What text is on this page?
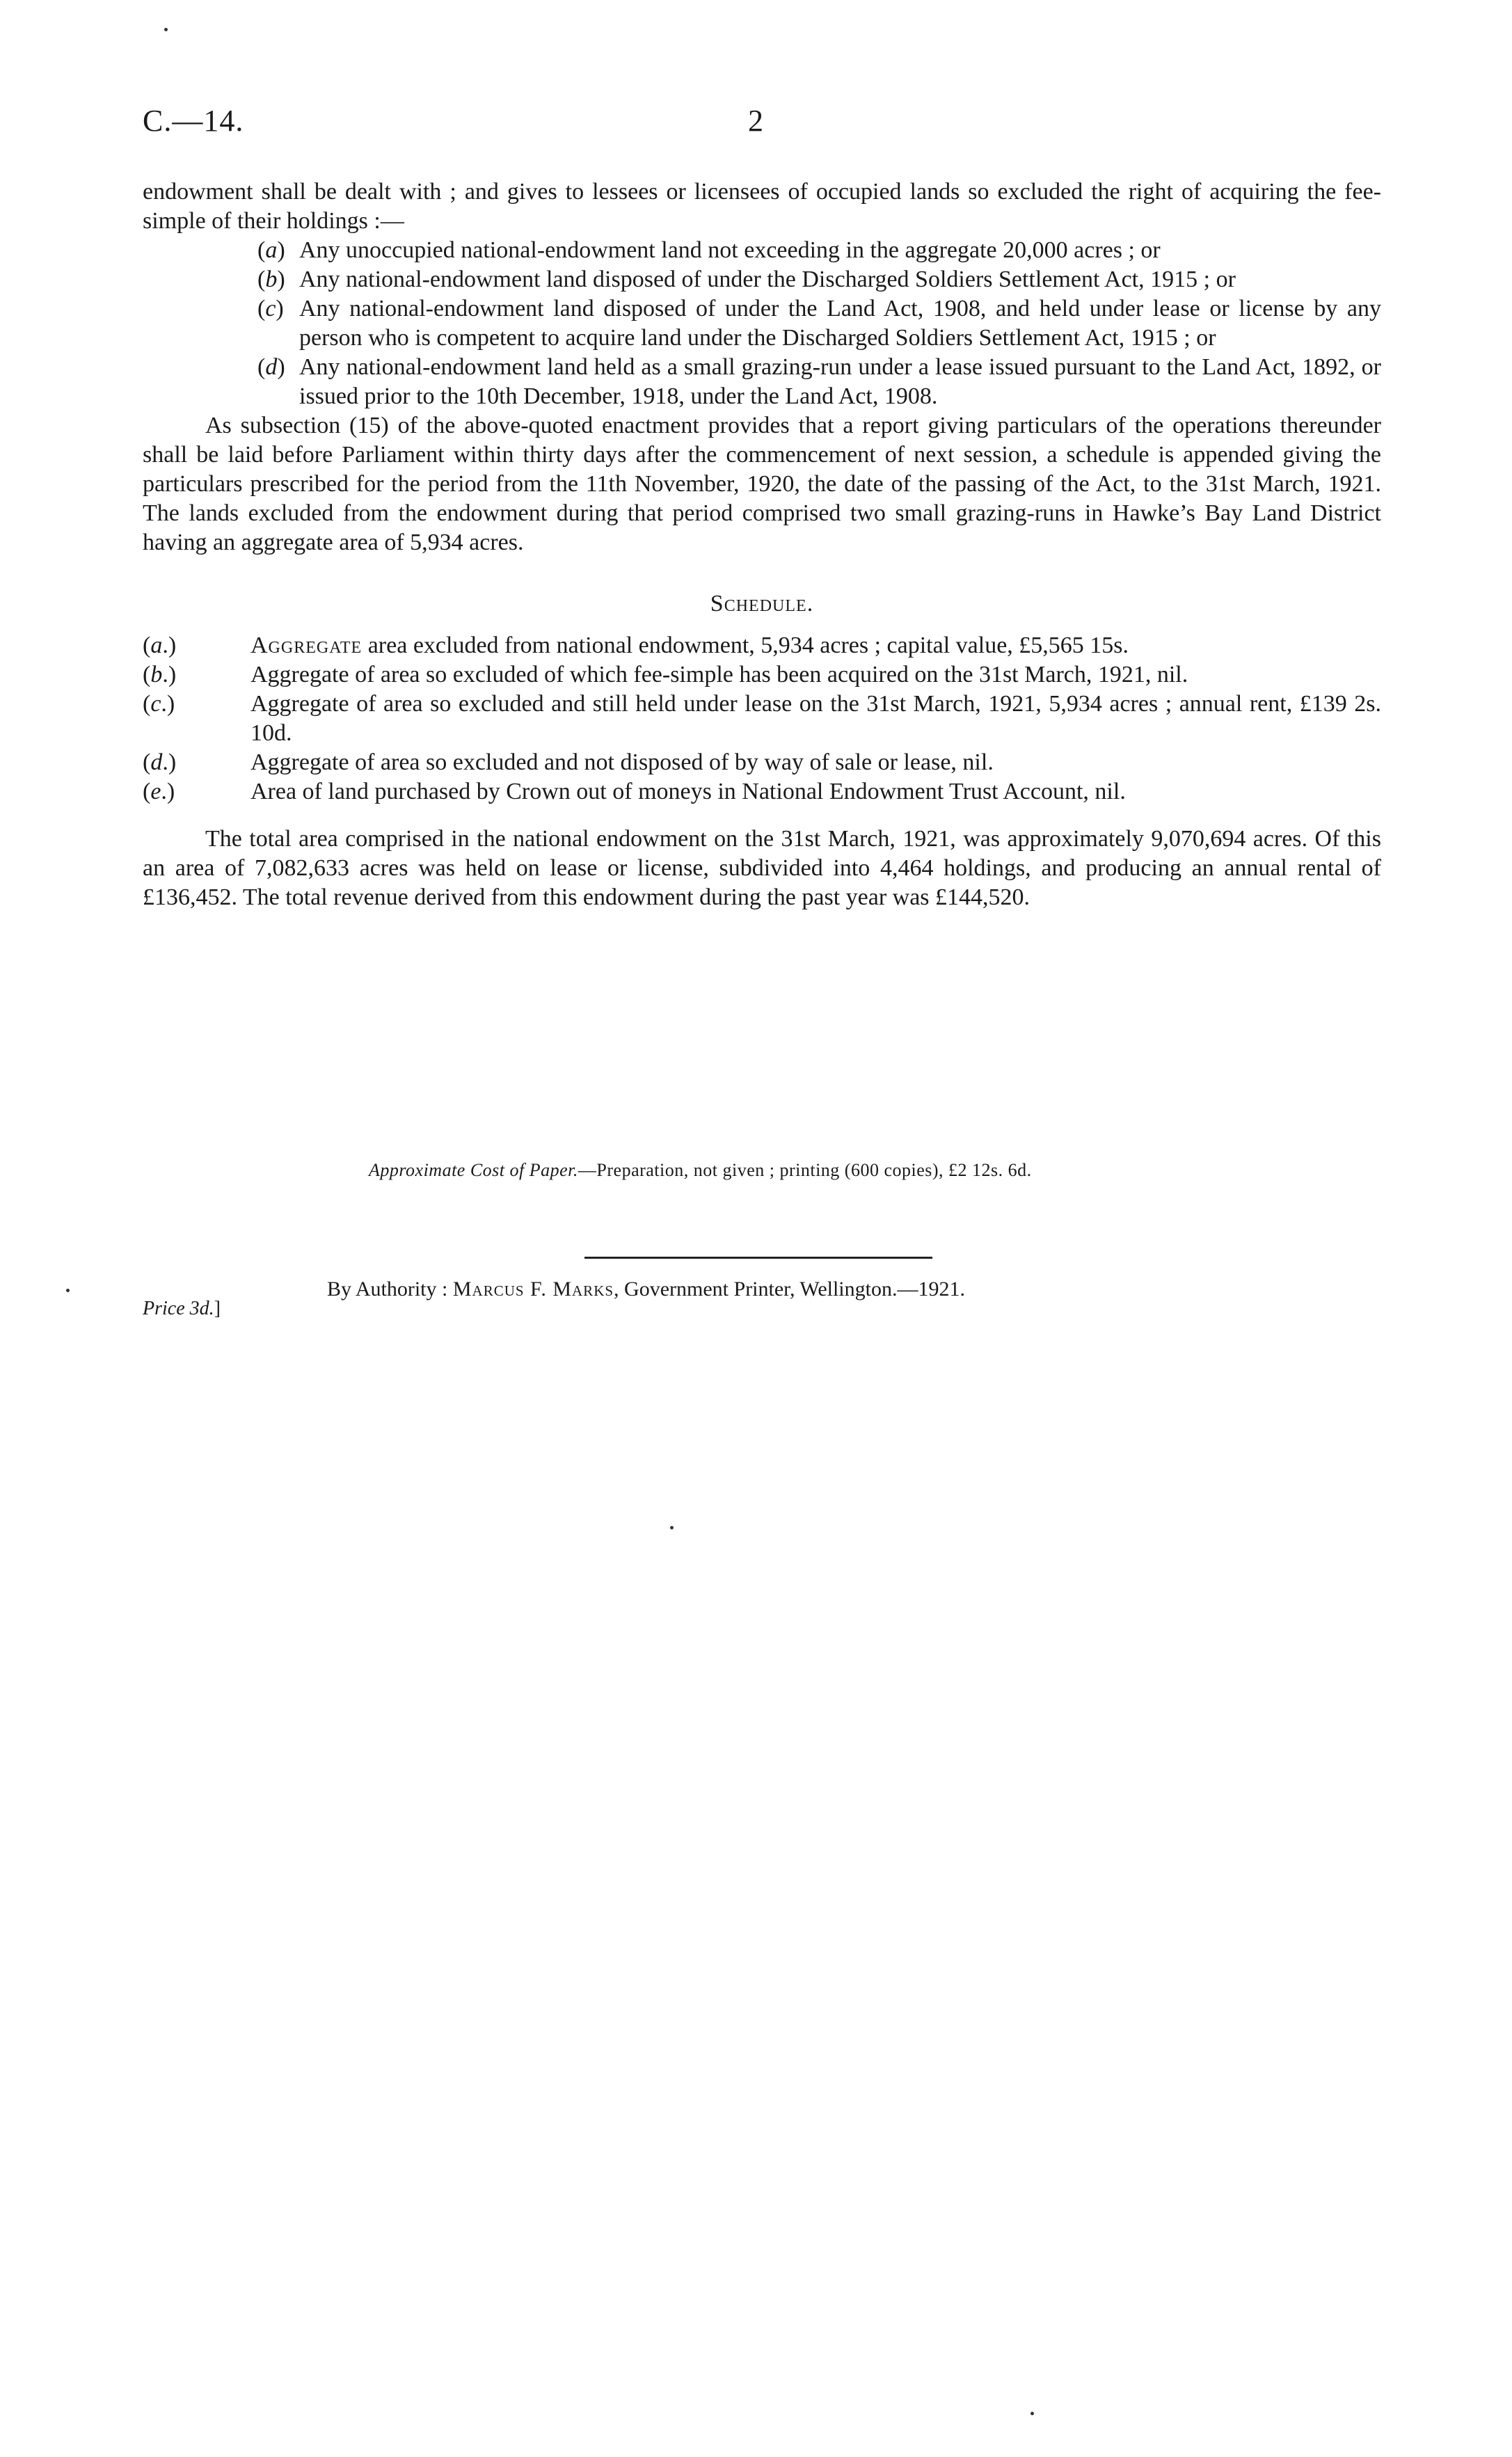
C.—14.	2

endowment shall be dealt with ; and gives to lessees or licensees of occupied lands so excluded the right of acquiring the fee-simple of their holdings :—

(a) Any unoccupied national-endowment land not exceeding in the aggregate 20,000 acres ; or
(b) Any national-endowment land disposed of under the Discharged Soldiers Settlement Act, 1915 ; or
(c) Any national-endowment land disposed of under the Land Act, 1908, and held under lease or license by any person who is competent to acquire land under the Discharged Soldiers Settlement Act, 1915 ; or
(d) Any national-endowment land held as a small grazing-run under a lease issued pursuant to the Land Act, 1892, or issued prior to the 10th December, 1918, under the Land Act, 1908.

As subsection (15) of the above-quoted enactment provides that a report giving particulars of the operations thereunder shall be laid before Parliament within thirty days after the commencement of next session, a schedule is appended giving the particulars prescribed for the period from the 11th November, 1920, the date of the passing of the Act, to the 31st March, 1921. The lands excluded from the endowment during that period comprised two small grazing-runs in Hawke’s Bay Land District having an aggregate area of 5,934 acres.

Schedule.
(a.)	Aggregate area excluded from national endowment, 5,934 acres ; capital value, £5,565 15s.
(b.)	Aggregate of area so excluded of which fee-simple has been acquired on the 31st March, 1921, nil.
(c.)	Aggregate of area so excluded and still held under lease on the 31st March, 1921, 5,934 acres ; annual rent, £139 2s. 10d.
(d.)	Aggregate of area so excluded and not disposed of by way of sale or lease, nil.
(e.)	Area of land purchased by Crown out of moneys in National Endowment Trust Account, nil.

The total area comprised in the national endowment on the 31st March, 1921, was approximately 9,070,694 acres. Of this an area of 7,082,633 acres was held on lease or license, subdivided into 4,464 holdings, and producing an annual rental of £136,452. The total revenue derived from this endowment during the past year was £144,520.

Approximate Cost of Paper.—Preparation, not given ; printing (600 copies), £2 12s. 6d.
By Authority : Marcus F. Marks, Government Printer, Wellington.—1921.
Price 3d.]
